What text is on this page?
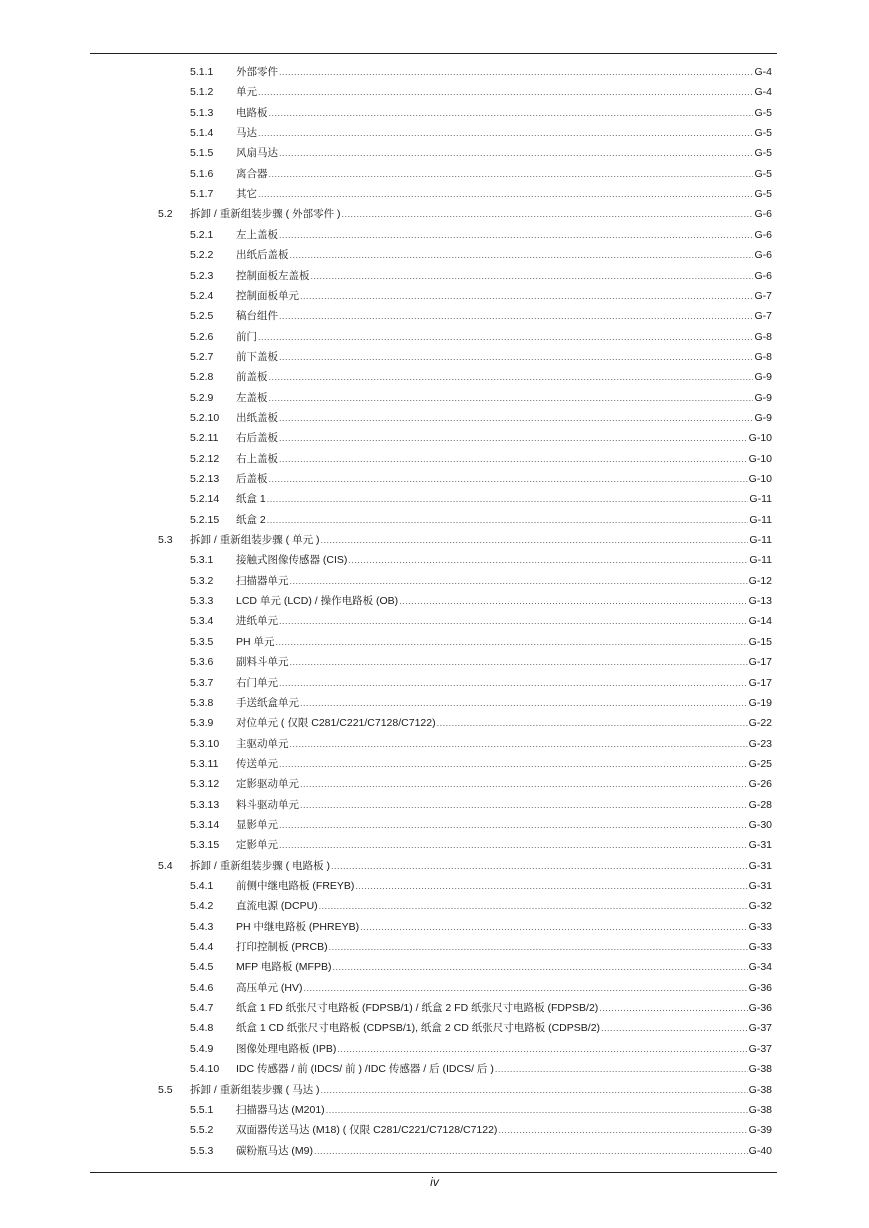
5.1.1 外部零件 .....	G-4
5.1.2 单元 .....	G-4
5.1.3 电路板 .....	G-5
5.1.4 马达 .....	G-5
5.1.5 风扇马达 .....	G-5
5.1.6 离合器 .....	G-5
5.1.7 其它 .....	G-5
5.2 拆卸 / 重新组装步骤 ( 外部零件 ) .....	G-6
5.2.1 左上盖板 .....	G-6
5.2.2 出纸后盖板 .....	G-6
5.2.3 控制面板左盖板 .....	G-6
5.2.4 控制面板单元 .....	G-7
5.2.5 稿台组件 .....	G-7
5.2.6 前门 .....	G-8
5.2.7 前下盖板 .....	G-8
5.2.8 前盖板 .....	G-9
5.2.9 左盖板 .....	G-9
5.2.10 出纸盖板 .....	G-9
5.2.11 右后盖板 .....	G-10
5.2.12 右上盖板 .....	G-10
5.2.13 后盖板 .....	G-10
5.2.14 纸盒 1 .....	G-11
5.2.15 纸盒 2 .....	G-11
5.3 拆卸 / 重新组装步骤 ( 单元 ) .....	G-11
5.3.1 接触式图像传感器 (CIS) .....	G-11
5.3.2 扫描器单元 .....	G-12
5.3.3 LCD 单元 (LCD) / 操作电路板 (OB) .....	G-13
5.3.4 进纸单元 .....	G-14
5.3.5 PH 单元 .....	G-15
5.3.6 副料斗单元 .....	G-17
5.3.7 右门单元 .....	G-17
5.3.8 手送纸盒单元 .....	G-19
5.3.9 对位单元 ( 仅限 C281/C221/C7128/C7122) .....	G-22
5.3.10 主驱动单元 .....	G-23
5.3.11 传送单元 .....	G-25
5.3.12 定影驱动单元 .....	G-26
5.3.13 料斗驱动单元 .....	G-28
5.3.14 显影单元 .....	G-30
5.3.15 定影单元 .....	G-31
5.4 拆卸 / 重新组装步骤 ( 电路板 ) .....	G-31
5.4.1 前侧中继电路板 (FREYB) .....	G-31
5.4.2 直流电源 (DCPU) .....	G-32
5.4.3 PH 中继电路板 (PHREYB) .....	G-33
5.4.4 打印控制板 (PRCB) .....	G-33
5.4.5 MFP 电路板 (MFPB) .....	G-34
5.4.6 高压单元 (HV) .....	G-36
5.4.7 纸盒 1 FD 纸张尺寸电路板 (FDPSB/1) / 纸盒 2 FD 纸张尺寸电路板 (FDPSB/2) .....	G-36
5.4.8 纸盒 1 CD 纸张尺寸电路板 (CDPSB/1), 纸盒 2 CD 纸张尺寸电路板 (CDPSB/2) .....	G-37
5.4.9 图像处理电路板 (IPB) .....	G-37
5.4.10 IDC 传感器 / 前 (IDCS/ 前 ) /IDC 传感器 / 后 (IDCS/ 后 ) .....	G-38
5.5 拆卸 / 重新组装步骤 ( 马达 ) .....	G-38
5.5.1 扫描器马达 (M201) .....	G-38
5.5.2 双面器传送马达 (M18) ( 仅限 C281/C221/C7128/C7122) .....	G-39
5.5.3 碳粉瓶马达 (M9) .....	G-40
iv
